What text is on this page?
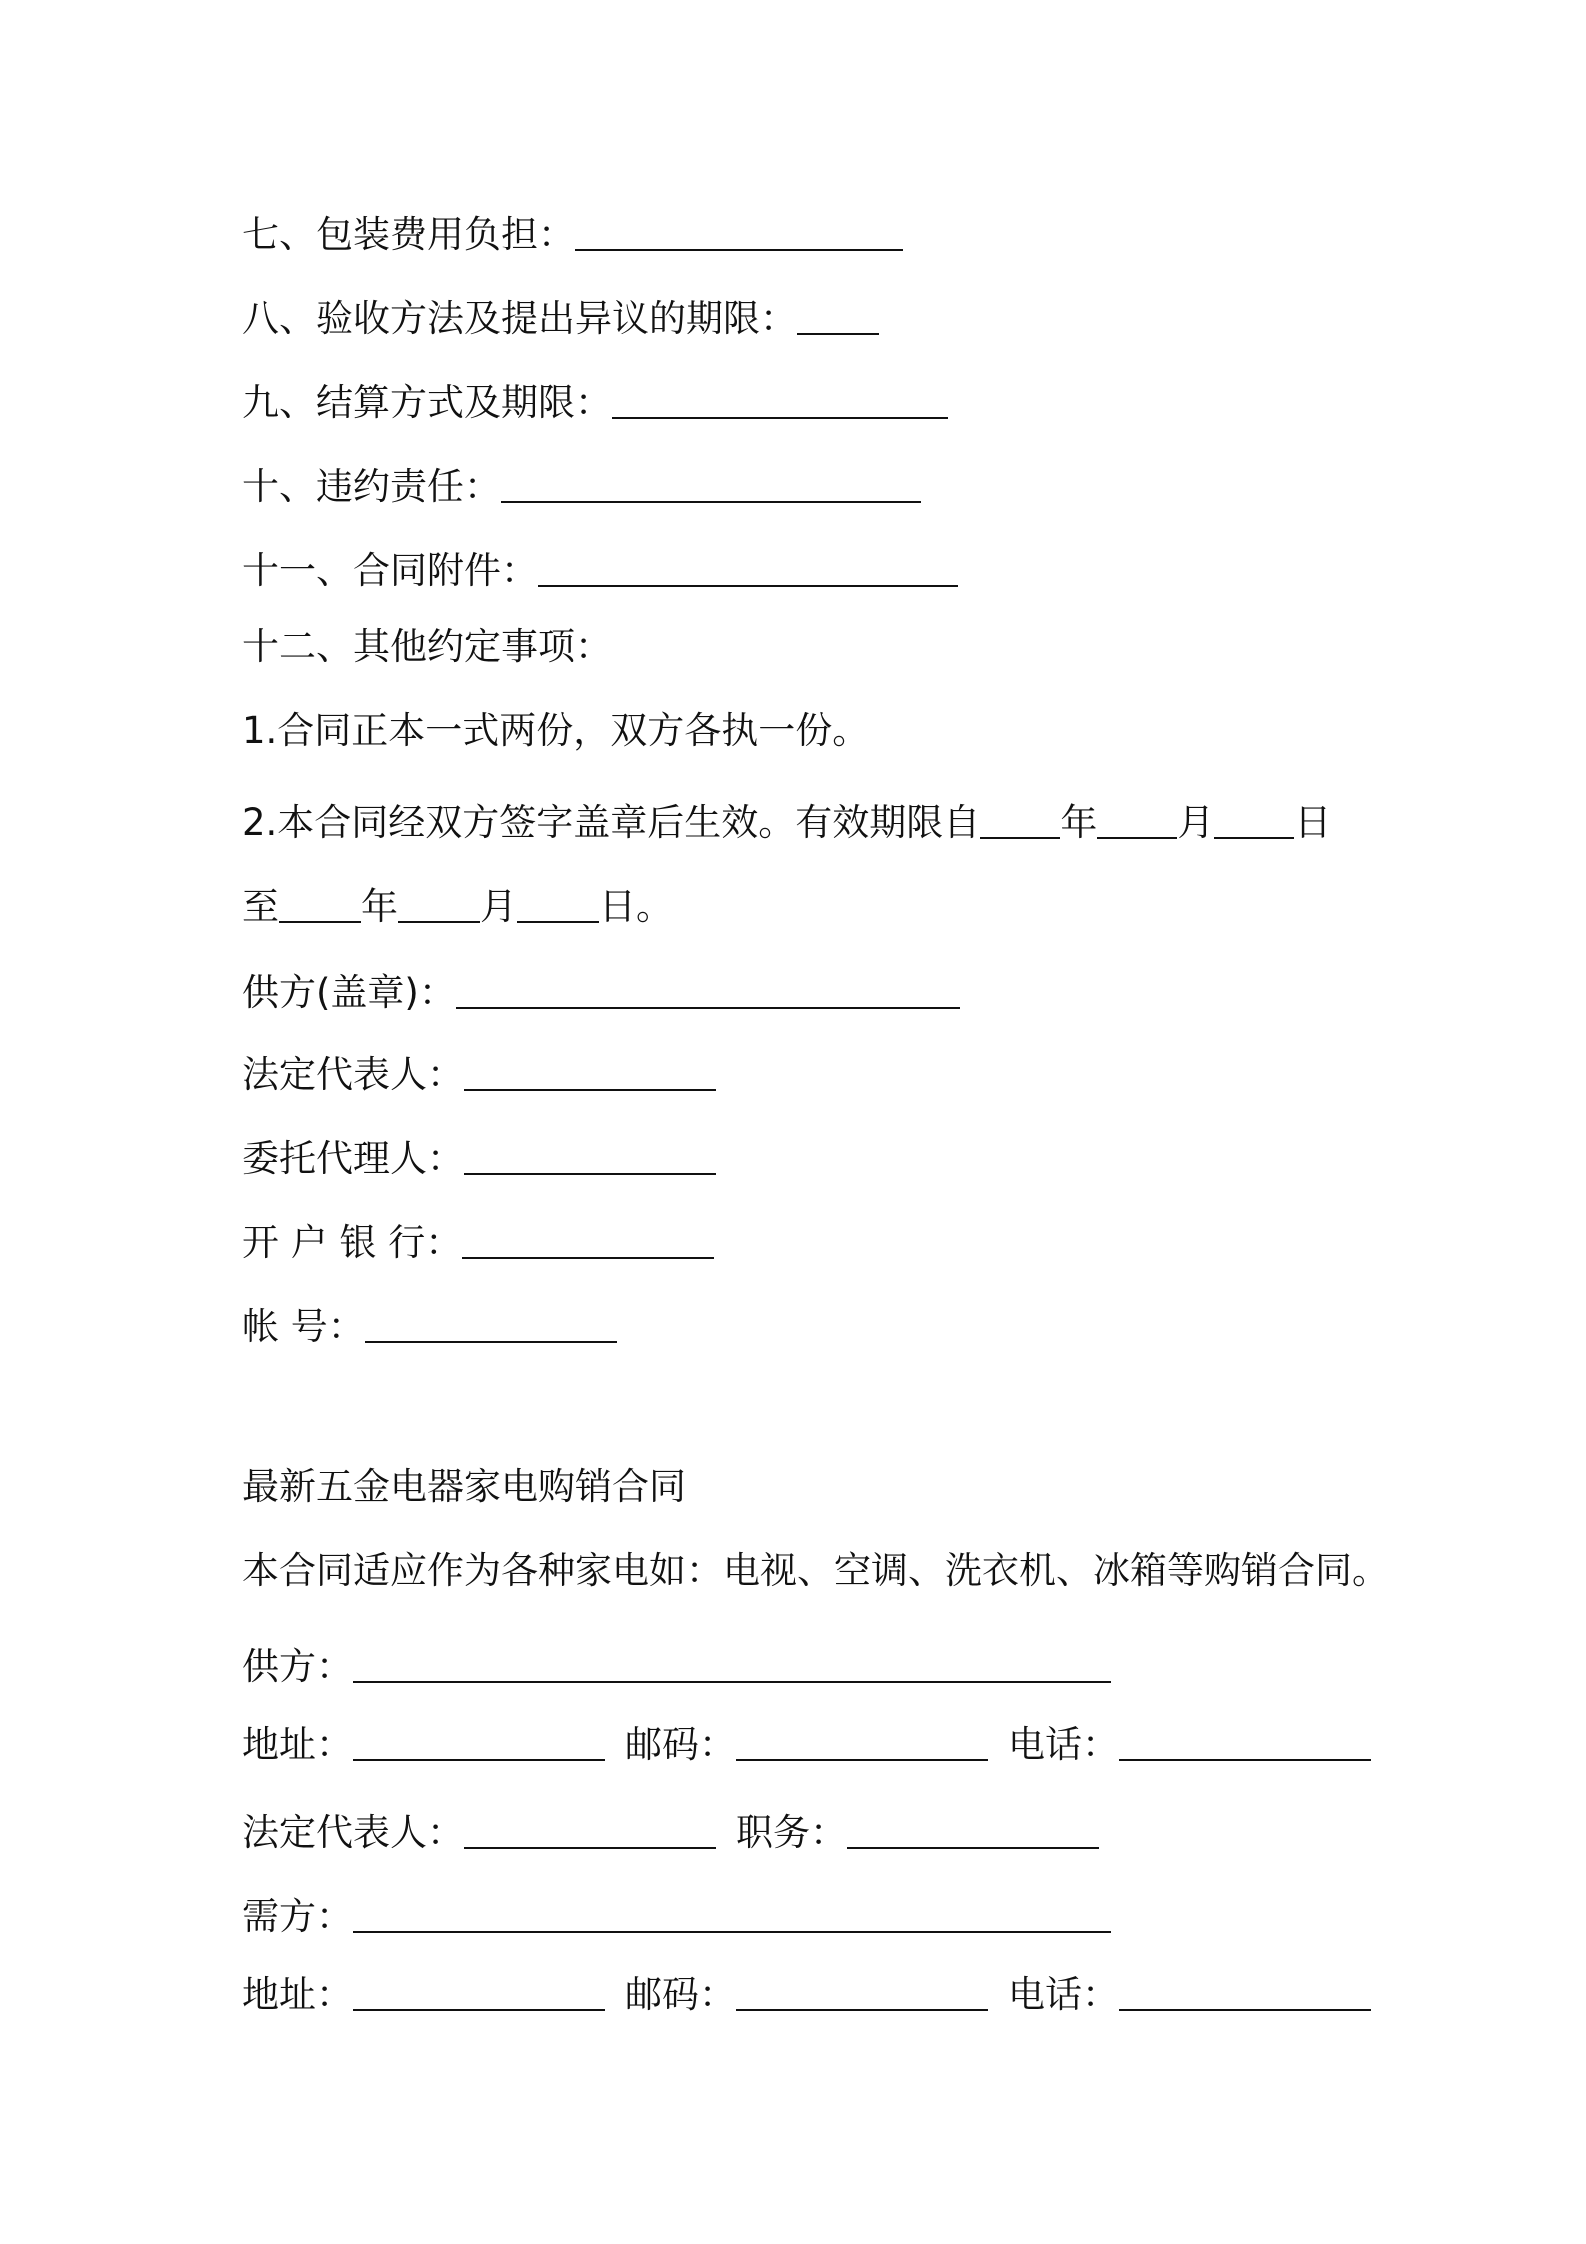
七、包装费用负担：
八、验收方法及提出异议的期限：
九、结算方式及期限：
十、违约责任：
十一、合同附件：
十二、其他约定事项：
1.合同正本一式两份，双方各执一份。
2.本合同经双方签字盖章后生效。有效期限自 年 月 日
至 年 月 日。
供方(盖章)：
法定代表人：
委托代理人：
开 户 银 行：
帐 号：
最新五金电器家电购销合同
本合同适应作为各种家电如：电视、空调、洗衣机、冰箱等购销合同。
供方：
地址：	邮码：	电话：
法定代表人：	职务：
需方：
地址：	邮码：	电话：
